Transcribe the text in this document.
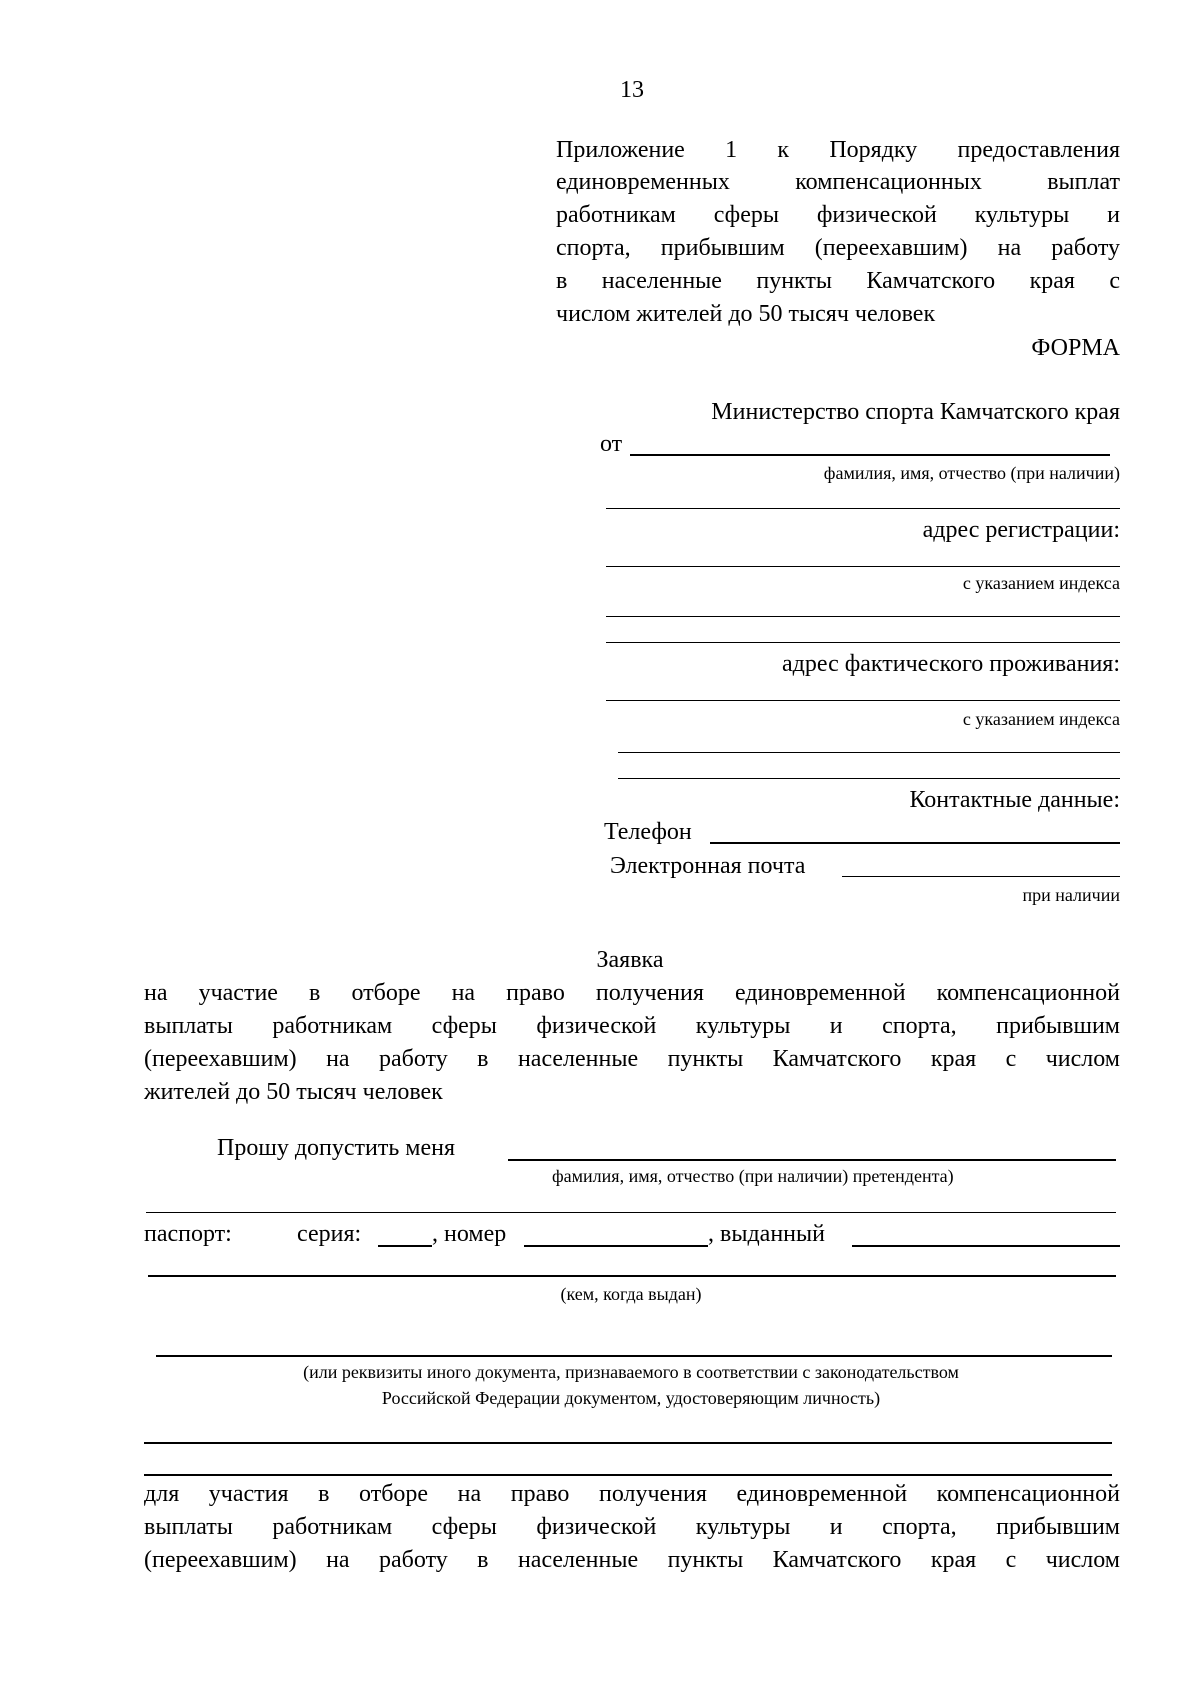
13
Приложение 1 к Порядку предоставления
единовременных компенсационных выплат
работникам сферы физической культуры и
спорта, прибывшим (переехавшим) на работу
в населенные пункты Камчатского края с
числом жителей до 50 тысяч человек
ФОРМА
Министерство спорта Камчатского края
от
фамилия, имя, отчество (при наличии)
адрес регистрации:
с указанием индекса
адрес фактического проживания:
с указанием индекса
Контактные данные:
Телефон
Электронная почта
при наличии
Заявка
на участие в отборе на право получения единовременной компенсационной
выплаты работникам сферы физической культуры и спорта, прибывшим
(переехавшим) на работу в населенные пункты Камчатского края с числом
жителей до 50 тысяч человек
Прошу допустить меня
фамилия, имя, отчество (при наличии) претендента)
паспорт:	серия:	, номер	, выданный
(кем, когда выдан)
(или реквизиты иного документа, признаваемого в соответствии с законодательством
Российской Федерации документом, удостоверяющим личность)
для участия в отборе на право получения единовременной компенсационной
выплаты работникам сферы физической культуры и спорта, прибывшим
(переехавшим) на работу в населенные пункты Камчатского края с числом
